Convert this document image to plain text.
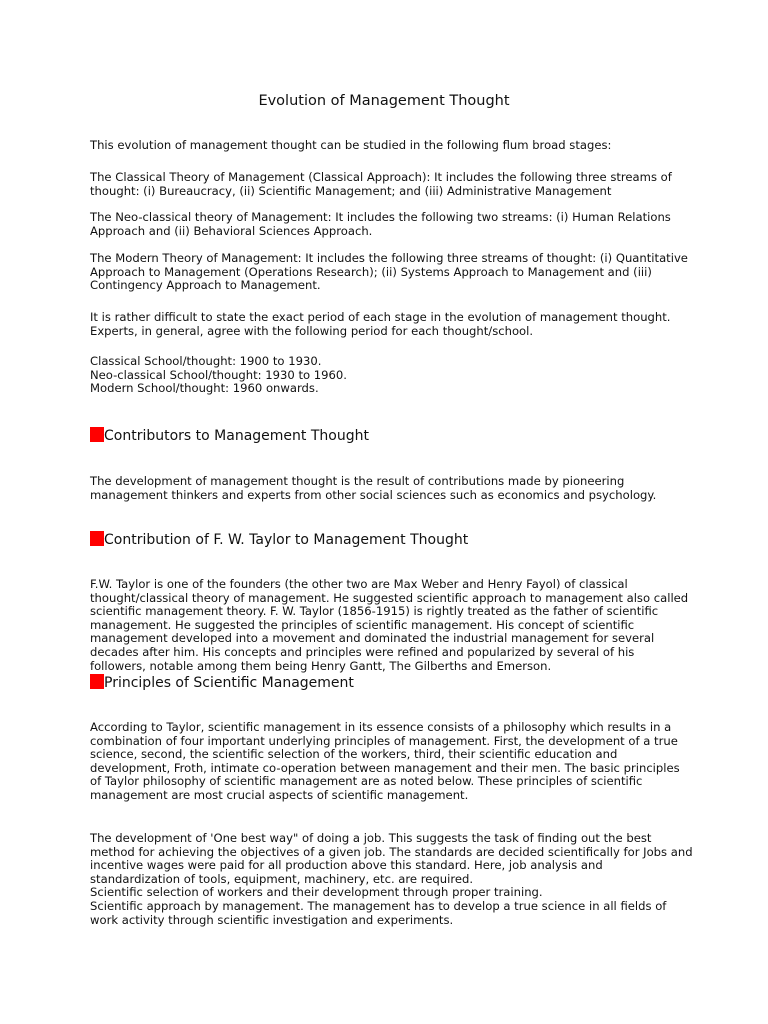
Evolution of Management Thought
This evolution of management thought can be studied in the following flum broad stages:
The Classical Theory of Management (Classical Approach): It includes the following three streams of
thought: (i) Bureaucracy, (ii) Scientific Management; and (iii) Administrative Management
The Neo-classical theory of Management: It includes the following two streams: (i) Human Relations
Approach and (ii) Behavioral Sciences Approach.
The Modern Theory of Management: It includes the following three streams of thought: (i) Quantitative
Approach to Management (Operations Research); (ii) Systems Approach to Management and (iii)
Contingency Approach to Management.
It is rather difficult to state the exact period of each stage in the evolution of management thought.
Experts, in general, agree with the following period for each thought/school.
Classical School/thought: 1900 to 1930.
Neo-classical School/thought: 1930 to 1960.
Modern School/thought: 1960 onwards.
Contributors to Management Thought
The development of management thought is the result of contributions made by pioneering
management thinkers and experts from other social sciences such as economics and psychology.
Contribution of F. W. Taylor to Management Thought
F.W. Taylor is one of the founders (the other two are Max Weber and Henry Fayol) of classical
thought/classical theory of management. He suggested scientific approach to management also called
scientific management theory. F. W. Taylor (1856-1915) is rightly treated as the father of scientific
management. He suggested the principles of scientific management. His concept of scientific
management developed into a movement and dominated the industrial management for several
decades after him. His concepts and principles were refined and popularized by several of his
followers, notable among them being Henry Gantt, The Gilberths and Emerson.
Principles of Scientific Management
According to Taylor, scientific management in its essence consists of a philosophy which results in a
combination of four important underlying principles of management. First, the development of a true
science, second, the scientific selection of the workers, third, their scientific education and
development, Froth, intimate co-operation between management and their men. The basic principles
of Taylor philosophy of scientific management are as noted below. These principles of scientific
management are most crucial aspects of scientific management.
The development of 'One best way" of doing a job. This suggests the task of finding out the best
method for achieving the objectives of a given job. The standards are decided scientifically for Jobs and
incentive wages were paid for all production above this standard. Here, job analysis and
standardization of tools, equipment, machinery, etc. are required.
Scientific selection of workers and their development through proper training.
Scientific approach by management. The management has to develop a true science in all fields of
work activity through scientific investigation and experiments.
